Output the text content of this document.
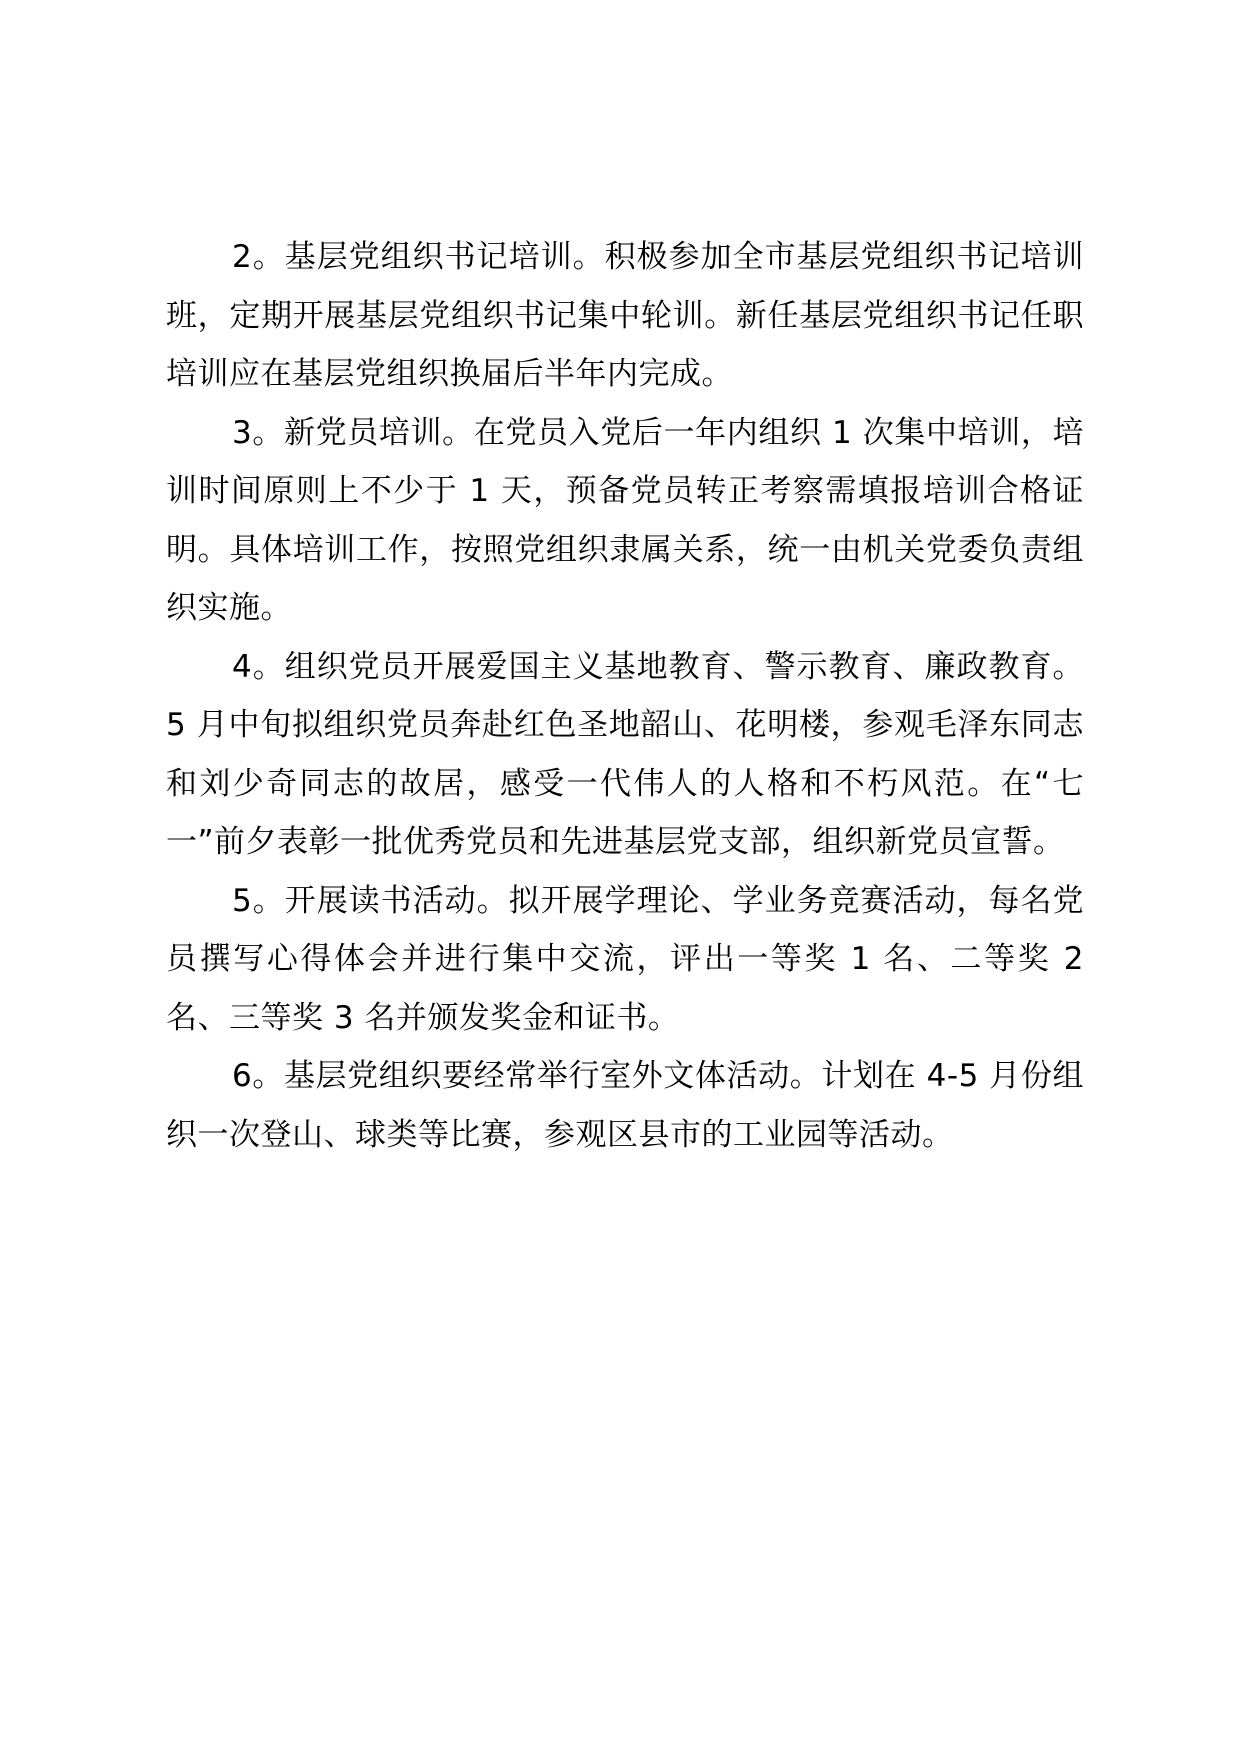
2。基层党组织书记培训。积极参加全市基层党组织书记培训班，定期开展基层党组织书记集中轮训。新任基层党组织书记任职培训应在基层党组织换届后半年内完成。

3。新党员培训。在党员入党后一年内组织 1 次集中培训，培训时间原则上不少于 1 天，预备党员转正考察需填报培训合格证明。具体培训工作，按照党组织隶属关系，统一由机关党委负责组织实施。

4。组织党员开展爱国主义基地教育、警示教育、廉政教育。5 月中旬拟组织党员奔赴红色圣地韶山、花明楼，参观毛泽东同志和刘少奇同志的故居，感受一代伟人的人格和不朽风范。在“七一”前夕表彰一批优秀党员和先进基层党支部，组织新党员宣誓。

5。开展读书活动。拟开展学理论、学业务竞赛活动，每名党员撰写心得体会并进行集中交流，评出一等奖 1 名、二等奖 2 名、三等奖 3 名并颁发奖金和证书。

6。基层党组织要经常举行室外文体活动。计划在 4-5 月份组织一次登山、球类等比赛，参观区县市的工业园等活动。
